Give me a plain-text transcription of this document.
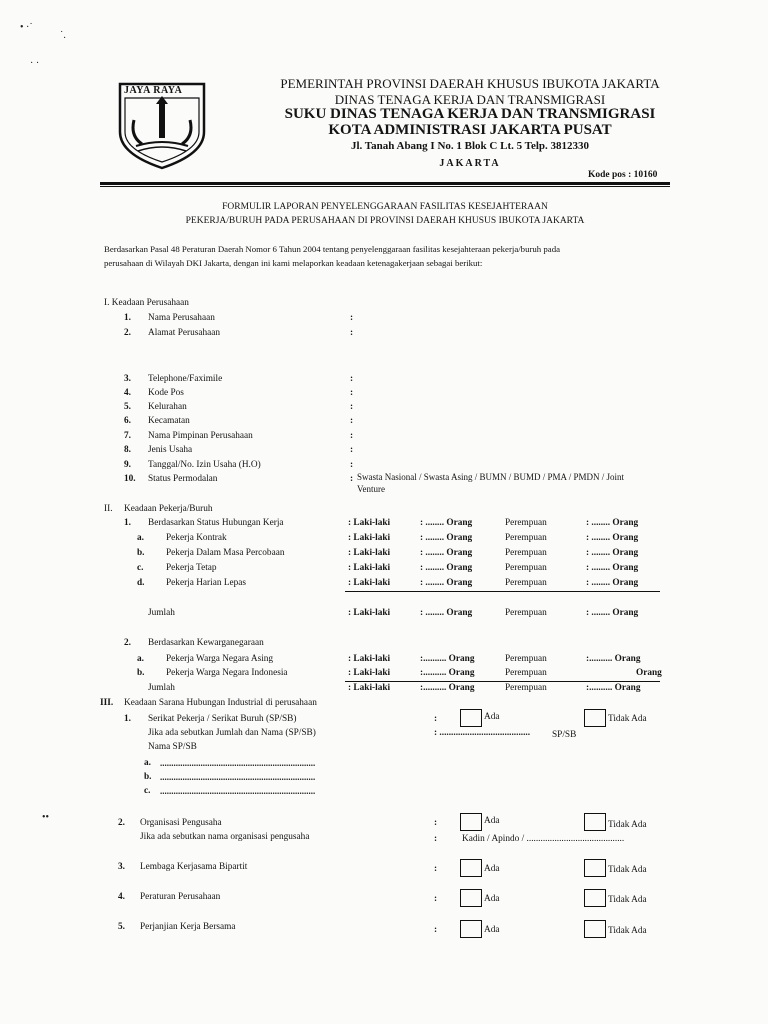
JAYA RAYA	PEMERINTAH PROVINSI DAERAH KHUSUS IBUKOTA JAKARTA
DINAS TENAGA KERJA DAN TRANSMIGRASI
SUKU DINAS TENAGA KERJA DAN TRANSMIGRASI
KOTA ADMINISTRASI JAKARTA PUSAT
Jl. Tanah Abang I No. 1 Blok C Lt. 5 Telp. 3812330
JAKARTA
Kode pos : 10160
FORMULIR LAPORAN PENYELENGGARAAN FASILITAS KESEJAHTERAAN
PEKERJA/BURUH PADA PERUSAHAAN DI PROVINSI DAERAH KHUSUS IBUKOTA JAKARTA
Berdasarkan Pasal 48 Peraturan Daerah Nomor 6 Tahun 2004 tentang penyelenggaraan fasilitas kesejahteraan pekerja/buruh pada
perusahaan di Wilayah DKI Jakarta, dengan ini kami melaporkan keadaan ketenagakerjaan sebagai berikut:
I. Keadaan Perusahaan
1. Nama Perusahaan	:
2. Alamat Perusahaan	:
3. Telephone/Faximile	:
4. Kode Pos	:
5. Kelurahan	:
6. Kecamatan	:
7. Nama Pimpinan Perusahaan	:
8. Jenis Usaha	:
9. Tanggal/No. Izin Usaha (H.O)	:
10. Status Permodalan	: Swasta Nasional / Swasta Asing / BUMN / BUMD / PMA / PMDN / Joint
Venture
II. Keadaan Pekerja/Buruh
1. Berdasarkan Status Hubungan Kerja	: Laki-laki	: ........ Orang	Perempuan	: ........ Orang
a. Pekerja Kontrak	: Laki-laki	: ........ Orang	Perempuan	: ........ Orang
b. Pekerja Dalam Masa Percobaan	: Laki-laki	: ........ Orang	Perempuan	: ........ Orang
c. Pekerja Tetap	: Laki-laki	: ........ Orang	Perempuan	: ........ Orang
d. Pekerja Harian Lepas	: Laki-laki	: ........ Orang	Perempuan	: ........ Orang
Jumlah	: Laki-laki	: ........ Orang	Perempuan	: ........ Orang
2. Berdasarkan Kewarganegaraan
a. Pekerja Warga Negara Asing	: Laki-laki	:.......... Orang	Perempuan	:.......... Orang
b. Pekerja Warga Negara Indonesia	: Laki-laki	:.......... Orang	Perempuan	Orang
Jumlah	: Laki-laki	:.......... Orang	Perempuan	:.......... Orang
III. Keadaan Sarana Hubungan Industrial di perusahaan
1. Serikat Pekerja / Serikat Buruh (SP/SB)	:	Ada	Tidak Ada
Jika ada sebutkan Jumlah dan Nama (SP/SB)	: ....................................... SP/SB
Nama SP/SB
a. .....................................................................
b. .....................................................................
c. .....................................................................
2. Organisasi Pengusaha	:	Ada	Tidak Ada
Jika ada sebutkan nama organisasi pengusaha	:	Kadin / Apindo / ..........................................
3. Lembaga Kerjasama Bipartit	:	Ada	Tidak Ada
4. Peraturan Perusahaan	:	Ada	Tidak Ada
5. Perjanjian Kerja Bersama	:	Ada	Tidak Ada
• ·˙
˙.
· ·
••
